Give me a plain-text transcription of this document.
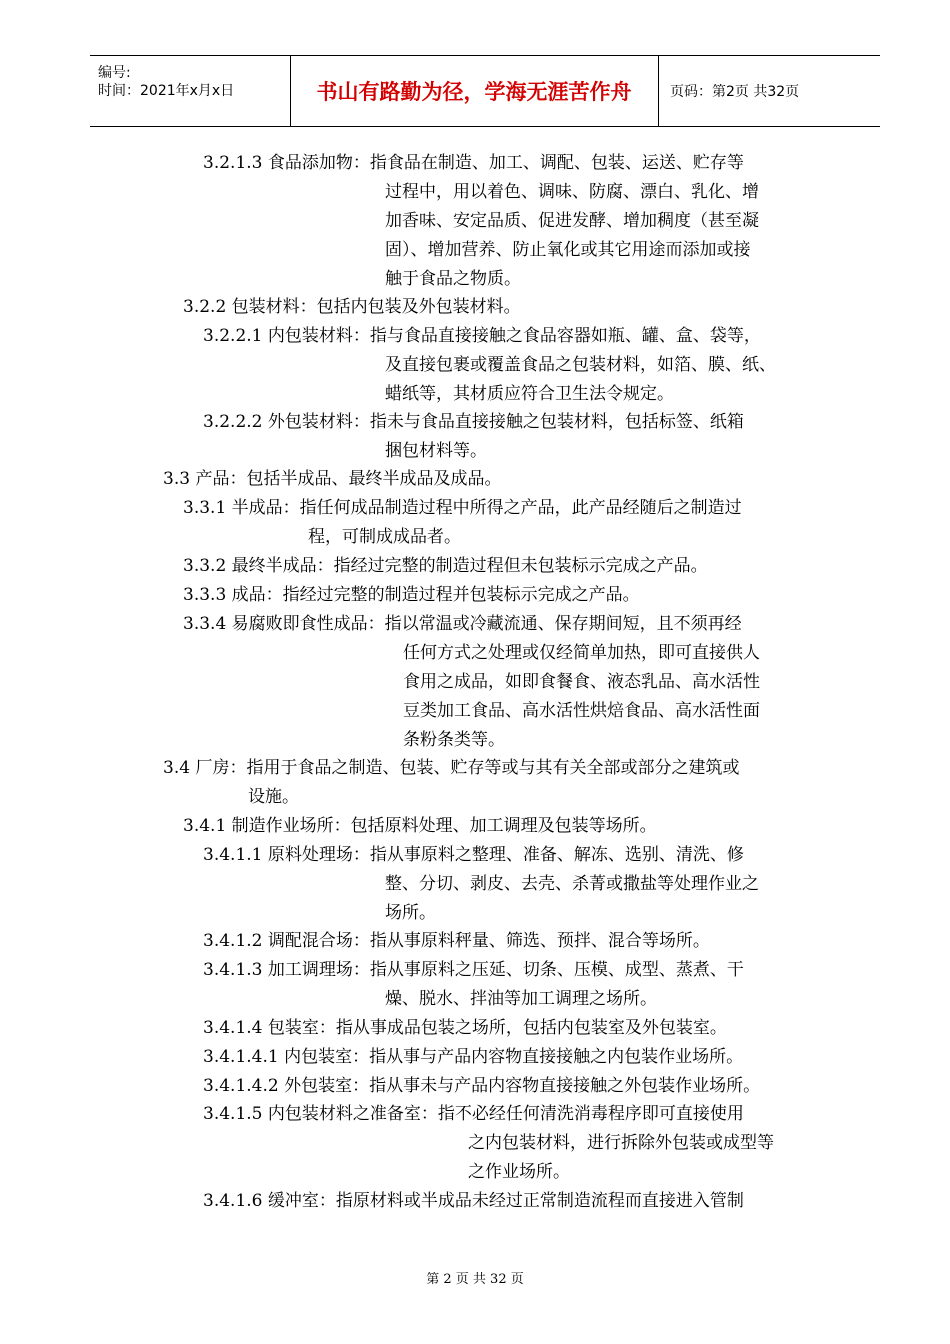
编号:
时间：2021年x月x日	书山有路勤为径，学海无涯苦作舟	页码：第2页 共32页
3.2.1.3 食品添加物：指食品在制造、加工、调配、包装、运送、贮存等
过程中，用以着色、调味、防腐、漂白、乳化、增
加香味、安定品质、促进发酵、增加稠度（甚至凝
固）、增加营养、防止氧化或其它用途而添加或接
触于食品之物质。
3.2.2 包装材料：包括内包装及外包装材料。
3.2.2.1 内包装材料：指与食品直接接触之食品容器如瓶、罐、盒、袋等，
及直接包裹或覆盖食品之包装材料，如箔、膜、纸、
蜡纸等，其材质应符合卫生法令规定。
3.2.2.2 外包装材料：指未与食品直接接触之包装材料，包括标签、纸箱
捆包材料等。
3.3 产品：包括半成品、最终半成品及成品。
3.3.1 半成品：指任何成品制造过程中所得之产品，此产品经随后之制造过
程，可制成成品者。
3.3.2 最终半成品：指经过完整的制造过程但未包装标示完成之产品。
3.3.3 成品：指经过完整的制造过程并包装标示完成之产品。
3.3.4 易腐败即食性成品：指以常温或冷藏流通、保存期间短，且不须再经
任何方式之处理或仅经简单加热，即可直接供人
食用之成品，如即食餐食、液态乳品、高水活性
豆类加工食品、高水活性烘焙食品、高水活性面
条粉条类等。
3.4 厂房：指用于食品之制造、包装、贮存等或与其有关全部或部分之建筑或
设施。
3.4.1 制造作业场所：包括原料处理、加工调理及包装等场所。
3.4.1.1 原料处理场：指从事原料之整理、准备、解冻、选别、清洗、修
整、分切、剥皮、去壳、杀菁或撒盐等处理作业之
场所。
3.4.1.2 调配混合场：指从事原料秤量、筛选、预拌、混合等场所。
3.4.1.3 加工调理场：指从事原料之压延、切条、压模、成型、蒸煮、干
燥、脱水、拌油等加工调理之场所。
3.4.1.4 包装室：指从事成品包装之场所，包括内包装室及外包装室。
3.4.1.4.1 内包装室：指从事与产品内容物直接接触之内包装作业场所。
3.4.1.4.2 外包装室：指从事未与产品内容物直接接触之外包装作业场所。
3.4.1.5 内包装材料之准备室：指不必经任何清洗消毒程序即可直接使用
之内包装材料，进行拆除外包装或成型等
之作业场所。
3.4.1.6 缓冲室：指原材料或半成品未经过正常制造流程而直接进入管制
第 2 页 共 32 页
